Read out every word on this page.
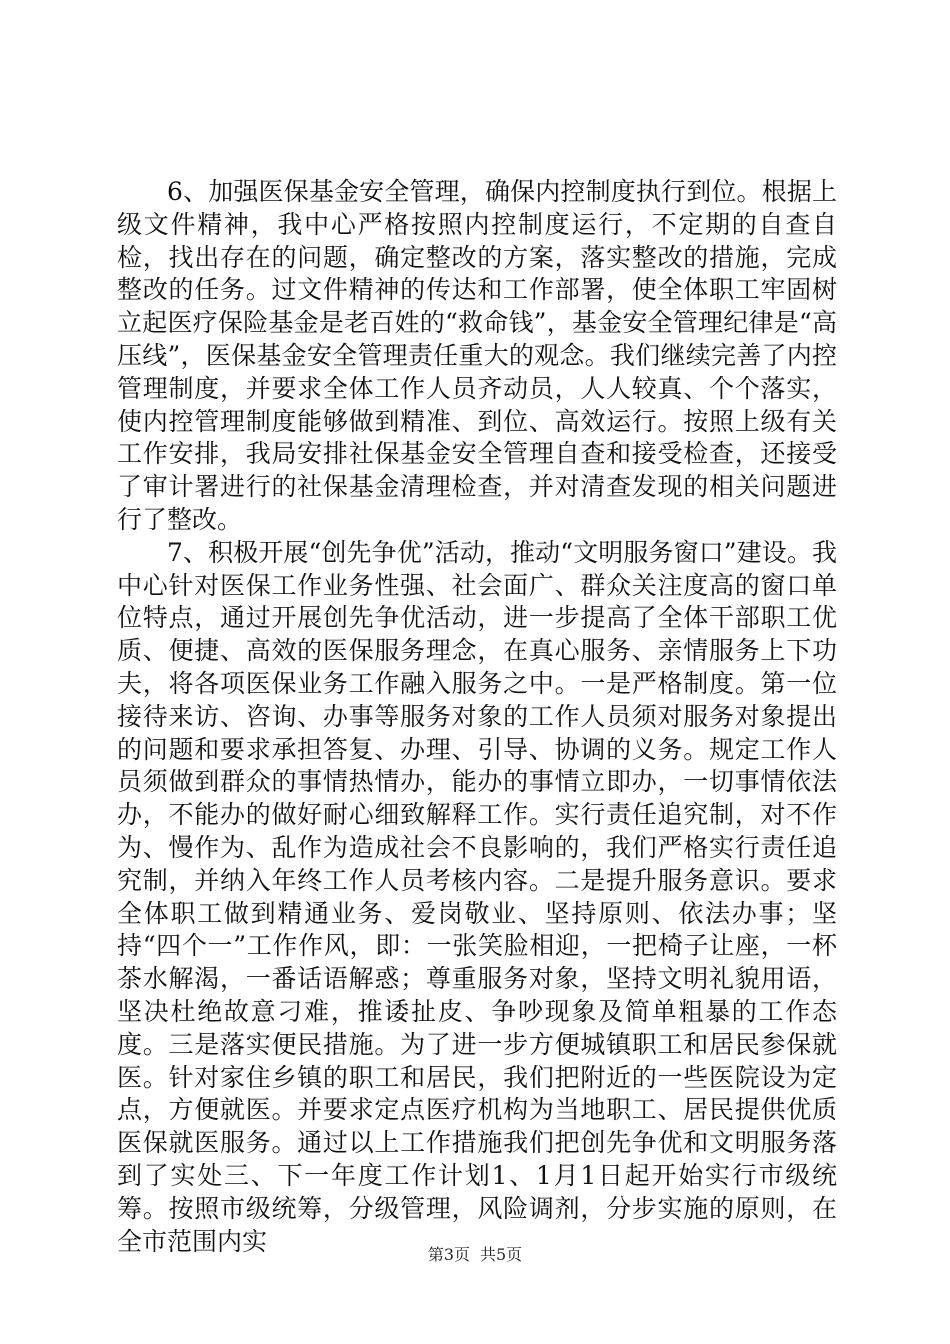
6、加强医保基金安全管理，确保内控制度执行到位。根据上级文件精神，我中心严格按照内控制度运行，不定期的自查自检，找出存在的问题，确定整改的方案，落实整改的措施，完成整改的任务。过文件精神的传达和工作部署，使全体职工牢固树立起医疗保险基金是老百姓的“救命钱”，基金安全管理纪律是“高压线”，医保基金安全管理责任重大的观念。我们继续完善了内控管理制度，并要求全体工作人员齐动员，人人较真、个个落实，使内控管理制度能够做到精准、到位、高效运行。按照上级有关工作安排，我局安排社保基金安全管理自查和接受检查，还接受了审计署进行的社保基金清理检查，并对清查发现的相关问题进行了整改。

7、积极开展“创先争优”活动，推动“文明服务窗口”建设。我中心针对医保工作业务性强、社会面广、群众关注度高的窗口单位特点，通过开展创先争优活动，进一步提高了全体干部职工优质、便捷、高效的医保服务理念，在真心服务、亲情服务上下功夫，将各项医保业务工作融入服务之中。一是严格制度。第一位接待来访、咨询、办事等服务对象的工作人员须对服务对象提出的问题和要求承担答复、办理、引导、协调的义务。规定工作人员须做到群众的事情热情办，能办的事情立即办，一切事情依法办，不能办的做好耐心细致解释工作。实行责任追究制，对不作为、慢作为、乱作为造成社会不良影响的，我们严格实行责任追究制，并纳入年终工作人员考核内容。二是提升服务意识。要求全体职工做到精通业务、爱岗敬业、坚持原则、依法办事；坚持“四个一”工作作风，即：一张笑脸相迎，一把椅子让座，一杯茶水解渴，一番话语解惑；尊重服务对象，坚持文明礼貌用语，坚决杜绝故意刁难，推诿扯皮、争吵现象及简单粗暴的工作态度。三是落实便民措施。为了进一步方便城镇职工和居民参保就医。针对家住乡镇的职工和居民，我们把附近的一些医院设为定点，方便就医。并要求定点医疗机构为当地职工、居民提供优质医保就医服务。通过以上工作措施我们把创先争优和文明服务落到了实处三、下一年度工作计划1、1月1日起开始实行市级统筹。按照市级统筹，分级管理，风险调剂，分步实施的原则，在全市范围内实	第3页 共5页
